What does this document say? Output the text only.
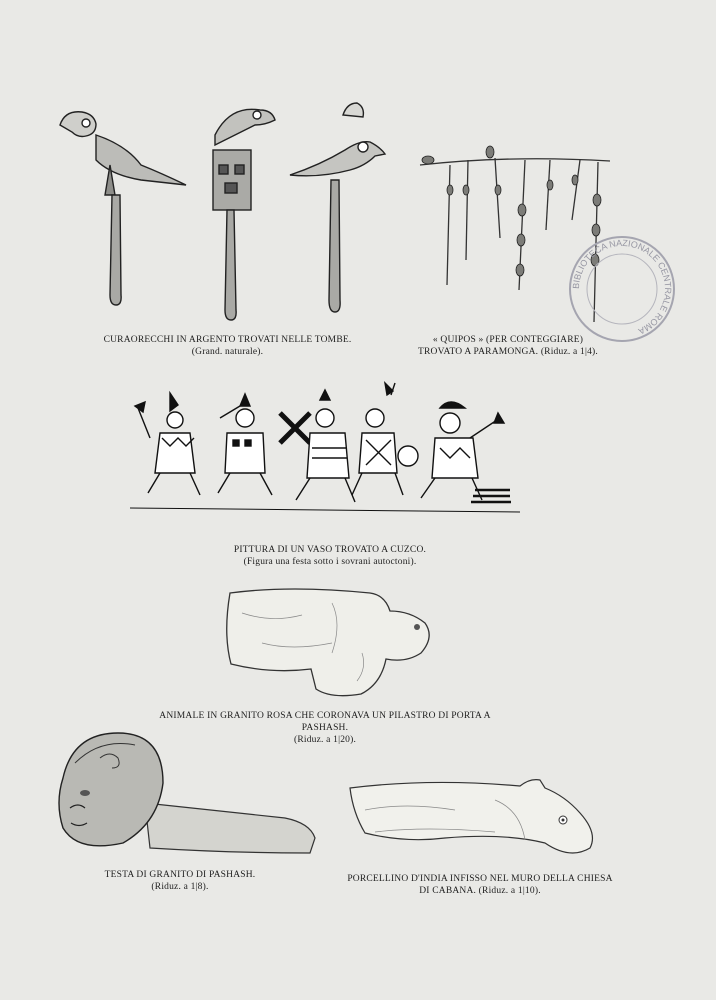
CURAORECCHI IN ARGENTO TROVATI NELLE TOMBE.
(Grand. naturale).
« QUIPOS » (PER CONTEGGIARE)
TROVATO A PARAMONGA. (Riduz. a 1|4).
BIBLIOTECA NAZIONALE CENTRALE ROMA
PITTURA DI UN VASO TROVATO A CUZCO.
(Figura una festa sotto i sovrani autoctoni).
ANIMALE IN GRANITO ROSA CHE CORONAVA UN PILASTRO DI PORTA A PASHASH.
(Riduz. a 1|20).
TESTA DI GRANITO DI PASHASH.
(Riduz. a 1|8).
PORCELLINO D'INDIA INFISSO NEL MURO DELLA CHIESA
DI CABANA. (Riduz. a 1|10).
